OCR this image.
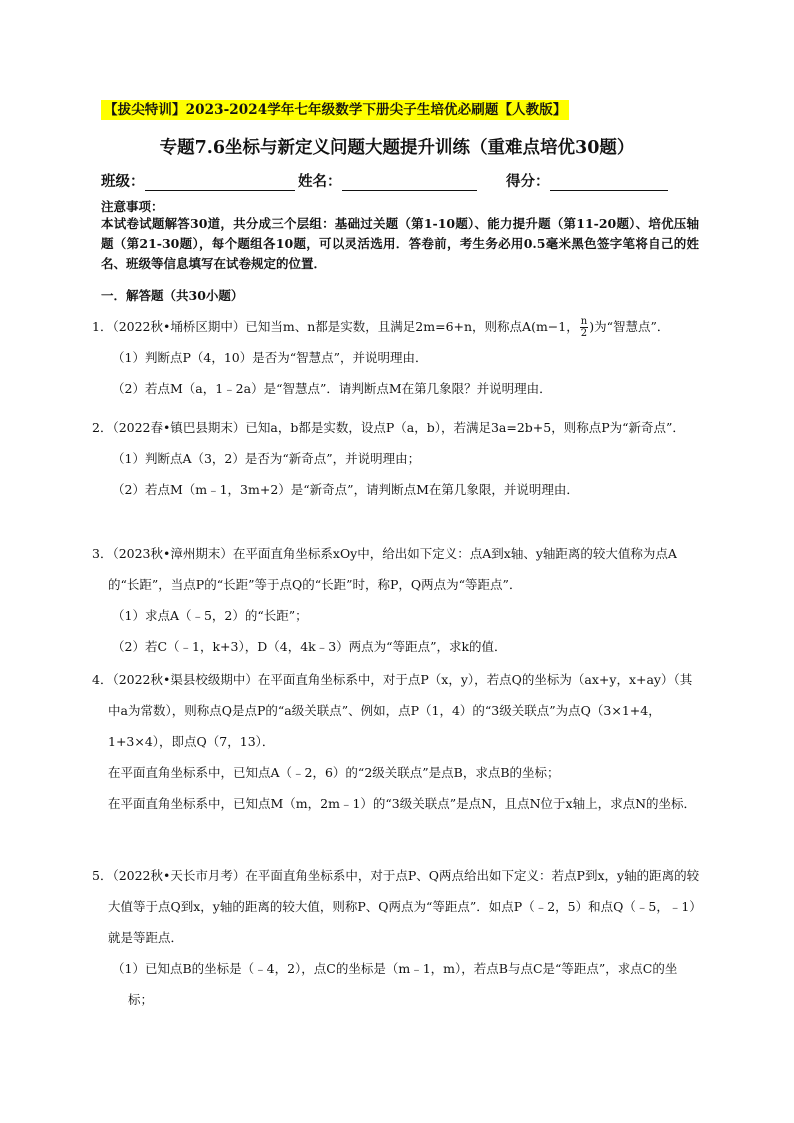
【拔尖特训】2023-2024学年七年级数学下册尖子生培优必刷题【人教版】
专题7.6坐标与新定义问题大题提升训练（重难点培优30题）
班级：	姓名：	得分：
注意事项：
本试卷试题解答30道，共分成三个层组：基础过关题（第1-10题）、能力提升题（第11-20题）、培优压轴题（第21-30题），每个题组各10题，可以灵活选用．答卷前，考生务必用0.5毫米黑色签字笔将自己的姓名、班级等信息填写在试卷规定的位置．
一．解答题（共30小题）

1．（2022秋•埇桥区期中）已知当m、n都是实数，且满足2m=6+n，则称点A(m−1， $\frac{n}{2}$ )为“智慧点”．

（1）判断点P（4，10）是否为“智慧点”，并说明理由．

（2）若点M（a，1﹣2a）是“智慧点”．请判断点M在第几象限？并说明理由．

2．（2022春•镇巴县期末）已知a，b都是实数，设点P（a，b），若满足3a=2b+5，则称点P为“新奇点”．

（1）判断点A（3，2）是否为“新奇点”，并说明理由；

（2）若点M（m﹣1，3m+2）是“新奇点”，请判断点M在第几象限，并说明理由．

3．（2023秋•漳州期末）在平面直角坐标系xOy中，给出如下定义：点A到x轴、y轴距离的较大值称为点A的“长距”，当点P的“长距”等于点Q的“长距”时，称P，Q两点为“等距点”．

（1）求点A（﹣5，2）的“长距”；

（2）若C（﹣1，k+3），D（4，4k﹣3）两点为“等距点”，求k的值．

4．（2022秋•渠县校级期中）在平面直角坐标系中，对于点P（x，y），若点Q的坐标为（ax+y，x+ay）（其中a为常数），则称点Q是点P的“a级关联点”、例如，点P（1，4）的“3级关联点”为点Q（3×1+4，1+3×4），即点Q（7，13）．

在平面直角坐标系中，已知点A（﹣2，6）的“2级关联点”是点B，求点B的坐标；

在平面直角坐标系中，已知点M（m，2m﹣1）的“3级关联点”是点N，且点N位于x轴上，求点N的坐标．

5．（2022秋•天长市月考）在平面直角坐标系中，对于点P、Q两点给出如下定义：若点P到x，y轴的距离的较大值等于点Q到x，y轴的距离的较大值，则称P、Q两点为“等距点”．如点P（﹣2，5）和点Q（﹣5，﹣1）就是等距点．

（1）已知点B的坐标是（﹣4，2），点C的坐标是（m﹣1，m），若点B与点C是“等距点”，求点C的坐标；
